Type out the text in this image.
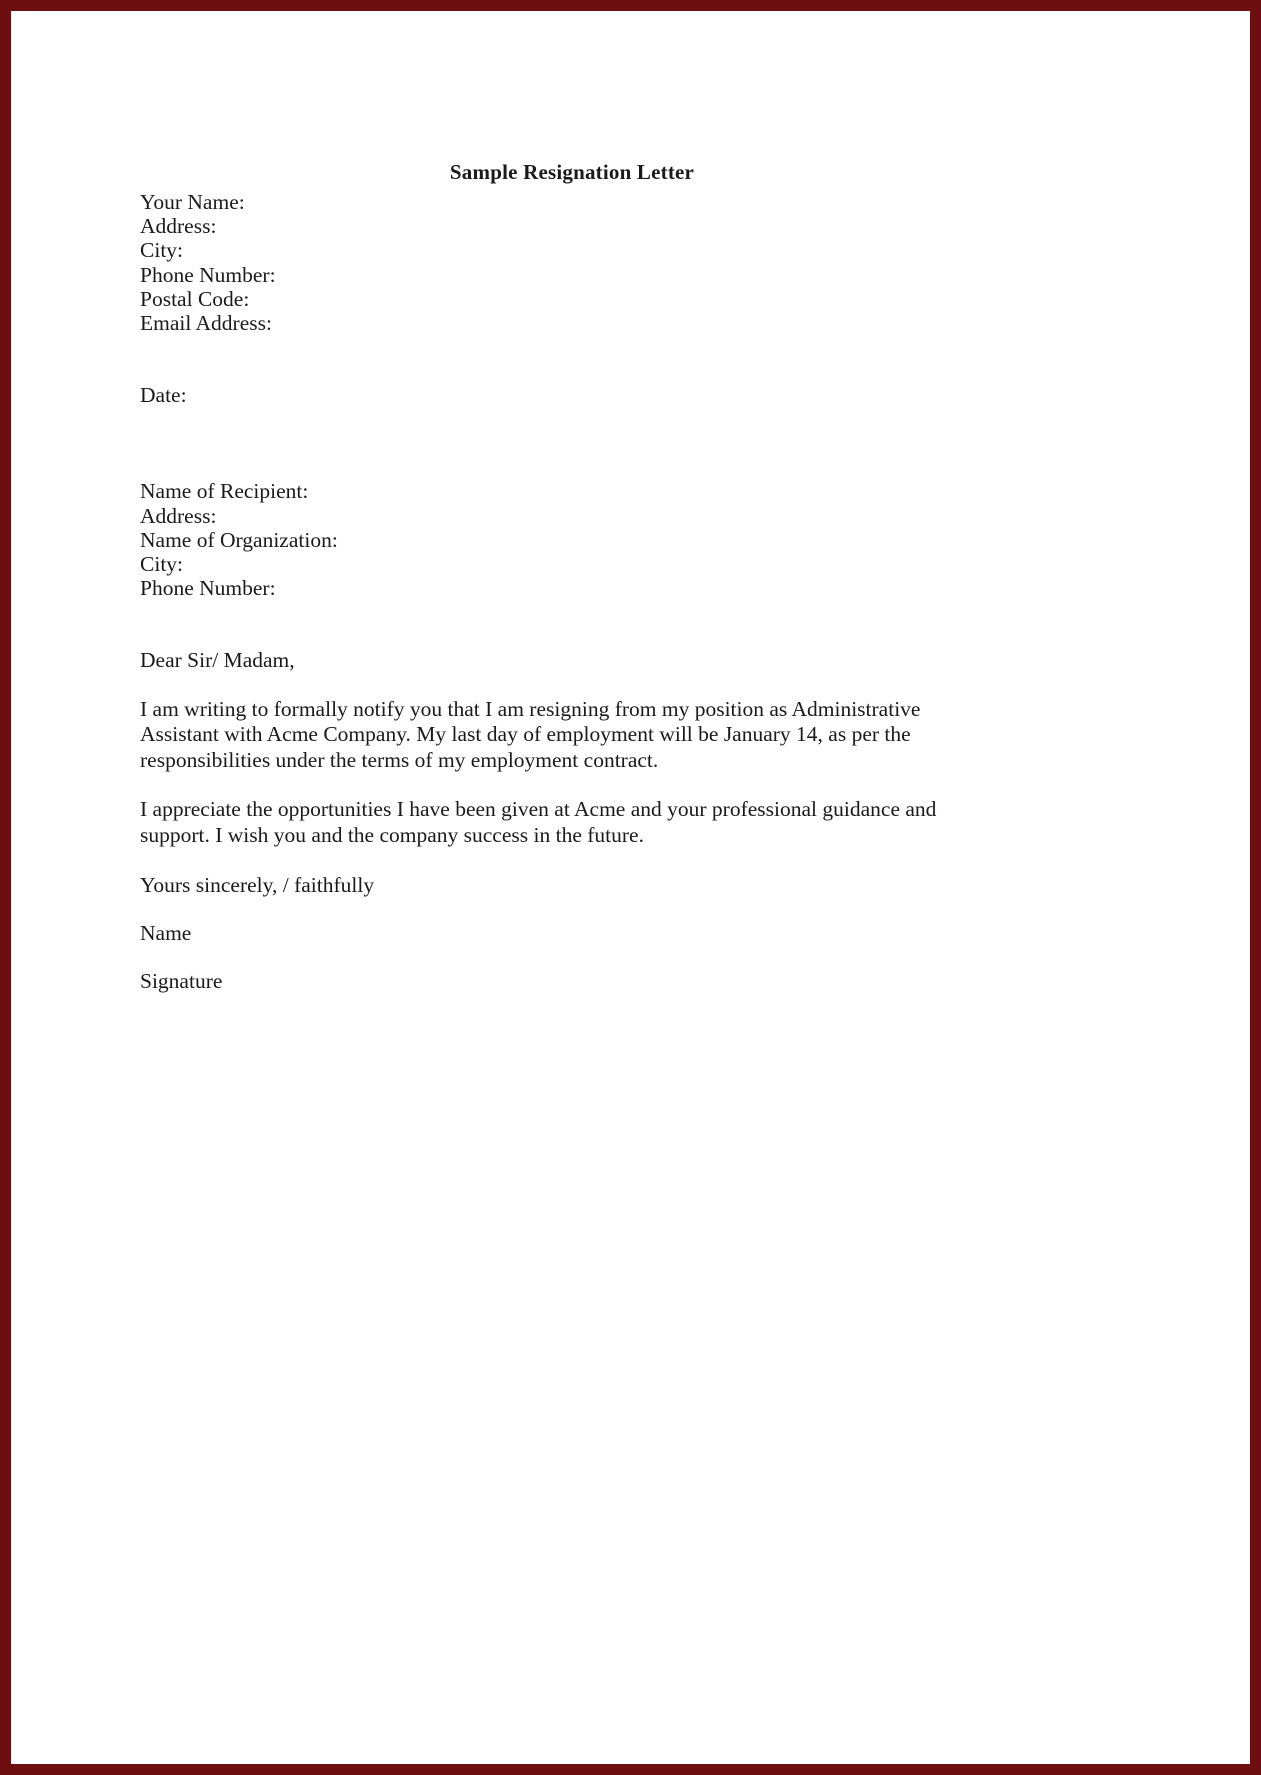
Sample Resignation Letter
Your Name:
Address:
City:
Phone Number:
Postal Code:
Email Address:
Date:
Name of Recipient:
Address:
Name of Organization:
City:
Phone Number:
Dear Sir/ Madam,
I am writing to formally notify you that I am resigning from my position as Administrative Assistant with Acme Company. My last day of employment will be January 14, as per the responsibilities under the terms of my employment contract.
I appreciate the opportunities I have been given at Acme and your professional guidance and support. I wish you and the company success in the future.
Yours sincerely, / faithfully
Name
Signature
